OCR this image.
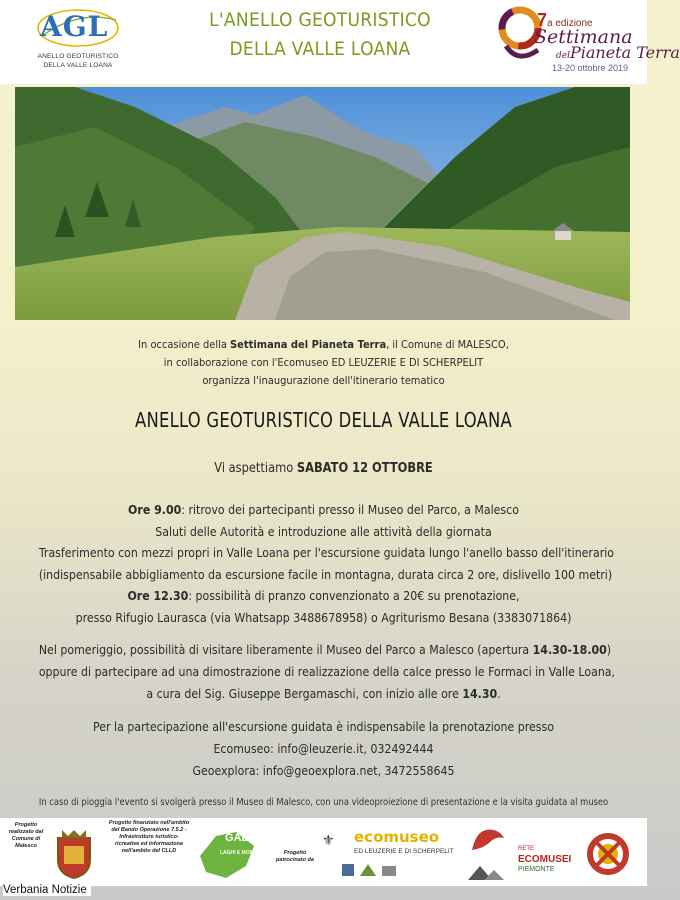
AGL
ANELLO GEOTURISTICO
DELLA VALLE LOANA
L'ANELLO GEOTURISTICO
DELLA VALLE LOANA
7a edizione
Settimana
delPianeta Terra
13-20 ottobre 2019
In occasione della Settimana del Pianeta Terra, il Comune di MALESCO,
in collaborazione con l'Ecomuseo ED LEUZERIE E DI SCHERPELIT
organizza l'inaugurazione dell'itinerario tematico
ANELLO GEOTURISTICO DELLA VALLE LOANA
Vi aspettiamo SABATO 12 OTTOBRE
Ore 9.00: ritrovo dei partecipanti presso il Museo del Parco, a Malesco
Saluti delle Autorità e introduzione alle attività della giornata
Trasferimento con mezzi propri in Valle Loana per l'escursione guidata lungo l'anello basso dell'itinerario
(indispensabile abbigliamento da escursione facile in montagna, durata circa 2 ore, dislivello 100 metri)
Ore 12.30: possibilità di pranzo convenzionato a 20€ su prenotazione,
presso Rifugio Laurasca (via Whatsapp 3488678958) o Agriturismo Besana (3383071864)
Nel pomeriggio, possibilità di visitare liberamente il Museo del Parco a Malesco (apertura 14.30-18.00)
oppure di partecipare ad una dimostrazione di realizzazione della calce presso le Formaci in Valle Loana,
a cura del Sig. Giuseppe Bergamaschi, con inizio alle ore 14.30.
Per la partecipazione all'escursione guidata è indispensabile la prenotazione presso
Ecomuseo: info@leuzerie.it, 032492444
Geoexplora: info@geoexplora.net, 3472558645
In caso di pioggia l'evento si svolgerà presso il Museo di Malesco, con una videoproiezione di presentazione e la visita guidata al museo
Progetto realizzato dal Comune di Malesco
Progetto finanziato nell'ambito del Bando Operazione 7.5.2 - Infrastrutture turistico-ricreative ed informazione nell'ambito del CLLD
GAL
LAGHI E MONTI	Progetto patrocinato da
⚜ ecomuseo
ED LEUZERIE E DI SCHERPELIT	RETE
ECOMUSEI
PIEMONTE
Verbania Notizie
